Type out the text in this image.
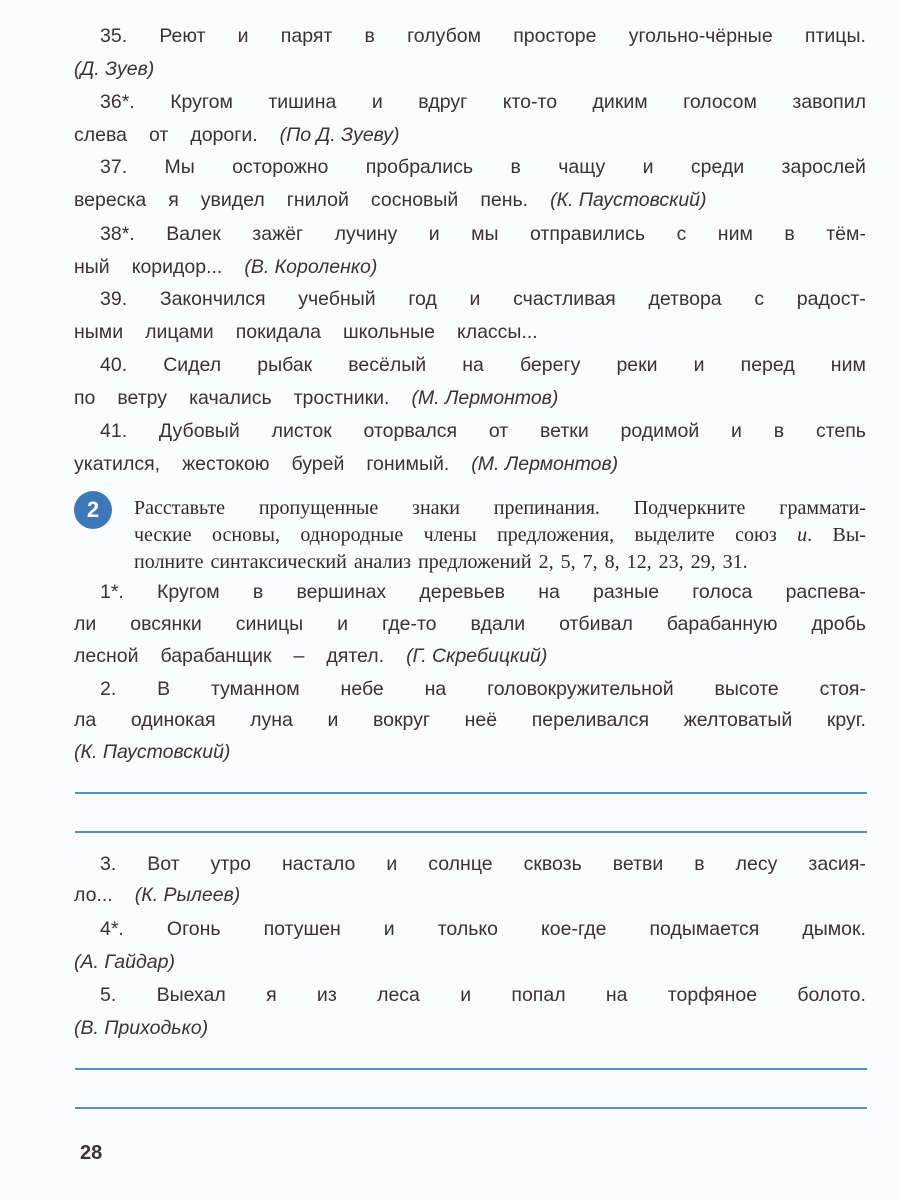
35. Реют и парят в голубом просторе угольно-чёрные птицы.
(Д. Зуев)
36*. Кругом тишина и вдруг кто-то диким голосом завопил
слева от дороги. (По Д. Зуеву)
37. Мы осторожно пробрались в чащу и среди зарослей
вереска я увидел гнилой сосновый пень. (К. Паустовский)
38*. Валек зажёг лучину и мы отправились с ним в тём-
ный коридор... (В. Короленко)
39. Закончился учебный год и счастливая детвора с радост-
ными лицами покидала школьные классы...
40. Сидел рыбак весёлый на берегу реки и перед ним
по ветру качались тростники. (М. Лермонтов)
41. Дубовый листок оторвался от ветки родимой и в степь
укатился, жестокою бурей гонимый. (М. Лермонтов)
2	Расставьте пропущенные знаки препинания. Подчеркните граммати-
ческие основы, однородные члены предложения, выделите союз и. Вы-
полните синтаксический анализ предложений 2, 5, 7, 8, 12, 23, 29, 31.
1*. Кругом в вершинах деревьев на разные голоса распева-
ли овсянки синицы и где-то вдали отбивал барабанную дробь
лесной барабанщик – дятел. (Г. Скребицкий)
2. В туманном небе на головокружительной высоте стоя-
ла одинокая луна и вокруг неё переливался желтоватый круг.
(К. Паустовский)
3. Вот утро настало и солнце сквозь ветви в лесу засия-
ло... (К. Рылеев)
4*. Огонь потушен и только кое-где подымается дымок.
(А. Гайдар)
5. Выехал я из леса и попал на торфяное болото.
(В. Приходько)
28
